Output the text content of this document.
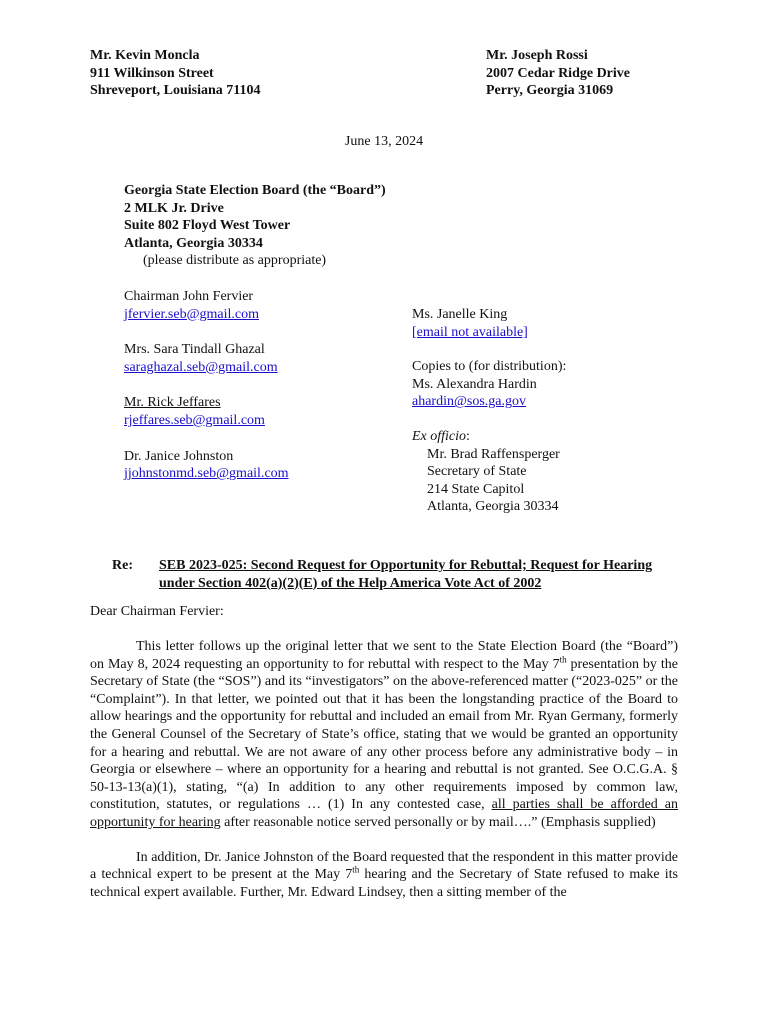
Mr. Kevin Moncla
911 Wilkinson Street
Shreveport, Louisiana 71104
Mr. Joseph Rossi
2007 Cedar Ridge Drive
Perry, Georgia 31069
June 13, 2024
Georgia State Election Board (the “Board”)
2 MLK Jr. Drive
Suite 802 Floyd West Tower
Atlanta, Georgia 30334
(please distribute as appropriate)
Chairman John Fervier
jfervier.seb@gmail.com
Mrs. Sara Tindall Ghazal
saraghazal.seb@gmail.com
Mr. Rick Jeffares
rjeffares.seb@gmail.com
Dr. Janice Johnston
jjohnstonmd.seb@gmail.com
Ms. Janelle King
[email not available]
Copies to (for distribution):
Ms. Alexandra Hardin
ahardin@sos.ga.gov
Ex officio:
Mr. Brad Raffensperger
Secretary of State
214 State Capitol
Atlanta, Georgia 30334
Re: SEB 2023-025: Second Request for Opportunity for Rebuttal; Request for Hearing
under Section 402(a)(2)(E) of the Help America Vote Act of 2002
Dear Chairman Fervier:

This letter follows up the original letter that we sent to the State Election Board (the “Board”) on May 8, 2024 requesting an opportunity to for rebuttal with respect to the May 7th presentation by the Secretary of State (the “SOS”) and its “investigators” on the above-referenced matter (“2023-025” or the “Complaint”). In that letter, we pointed out that it has been the longstanding practice of the Board to allow hearings and the opportunity for rebuttal and included an email from Mr. Ryan Germany, formerly the General Counsel of the Secretary of State’s office, stating that we would be granted an opportunity for a hearing and rebuttal. We are not aware of any other process before any administrative body – in Georgia or elsewhere – where an opportunity for a hearing and rebuttal is not granted. See O.C.G.A. § 50-13-13(a)(1), stating, “(a) In addition to any other requirements imposed by common law, constitution, statutes, or regulations … (1) In any contested case, all parties shall be afforded an opportunity for hearing after reasonable notice served personally or by mail….” (Emphasis supplied)

In addition, Dr. Janice Johnston of the Board requested that the respondent in this matter provide a technical expert to be present at the May 7th hearing and the Secretary of State refused to make its technical expert available. Further, Mr. Edward Lindsey, then a sitting member of the
